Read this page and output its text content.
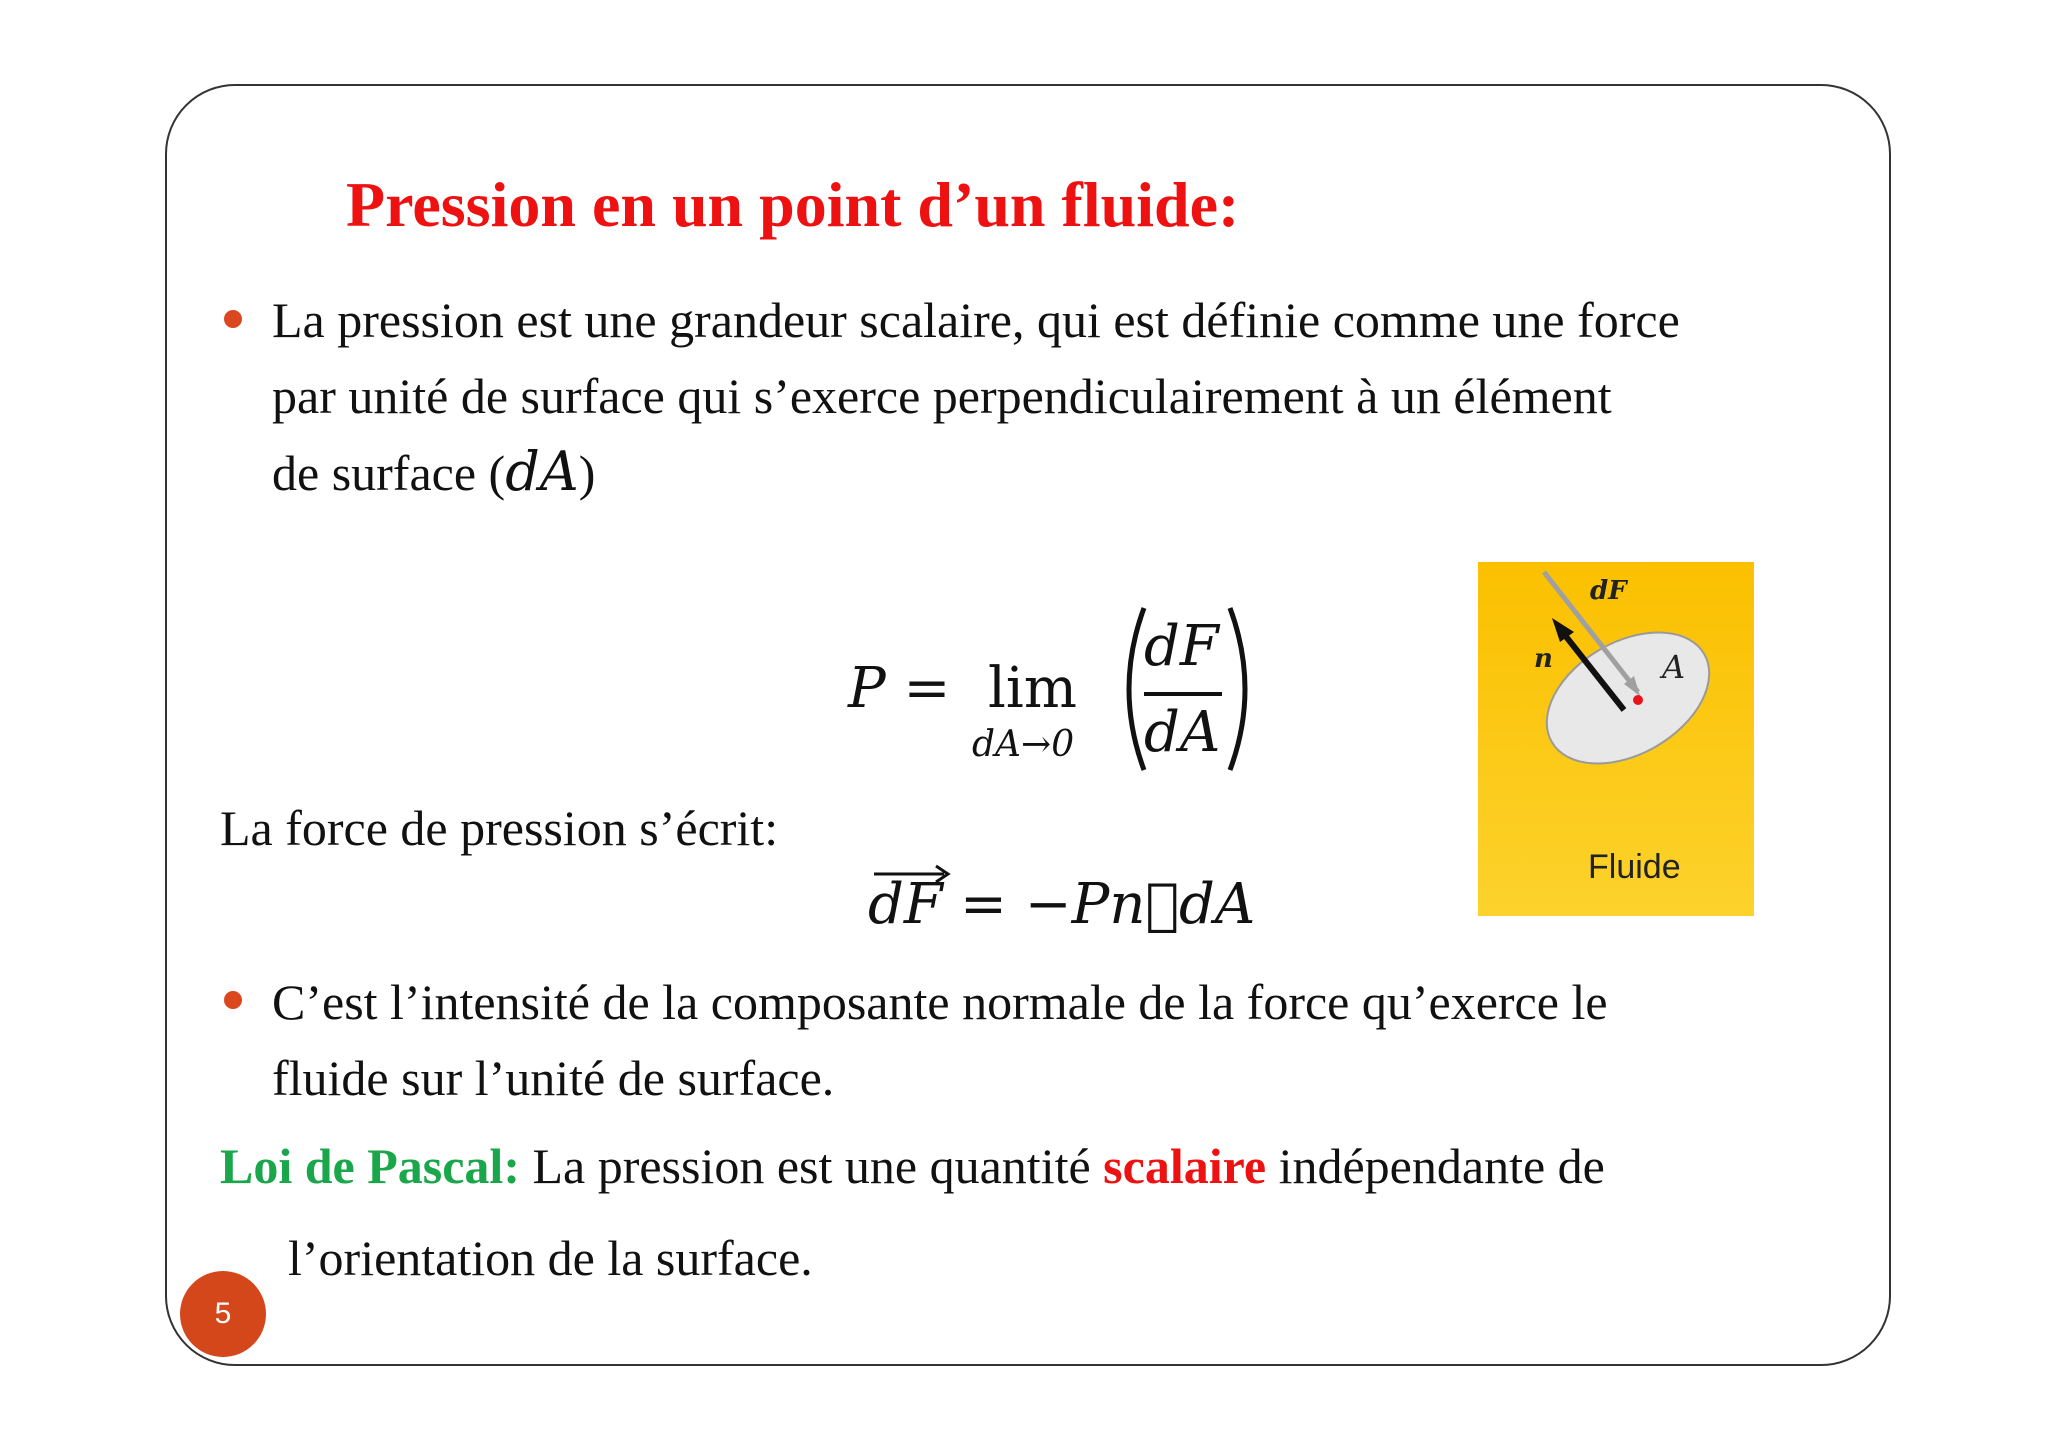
Pression en un point d’un fluide:
La pression est une grandeur scalaire, qui est définie comme une force
par unité de surface qui s’exerce perpendiculairement à un élément
de surface (dA)
P = lim
dA→0
dF
dA
La force de pression s’écrit:
dF = −Pn⃗dA
C’est l’intensité de la composante normale de la force qu’exerce le
fluide sur l’unité de surface.
Loi de Pascal: La pression est une quantité scalaire indépendante de
l’orientation de la surface.
dF
n	A
Fluide
5
